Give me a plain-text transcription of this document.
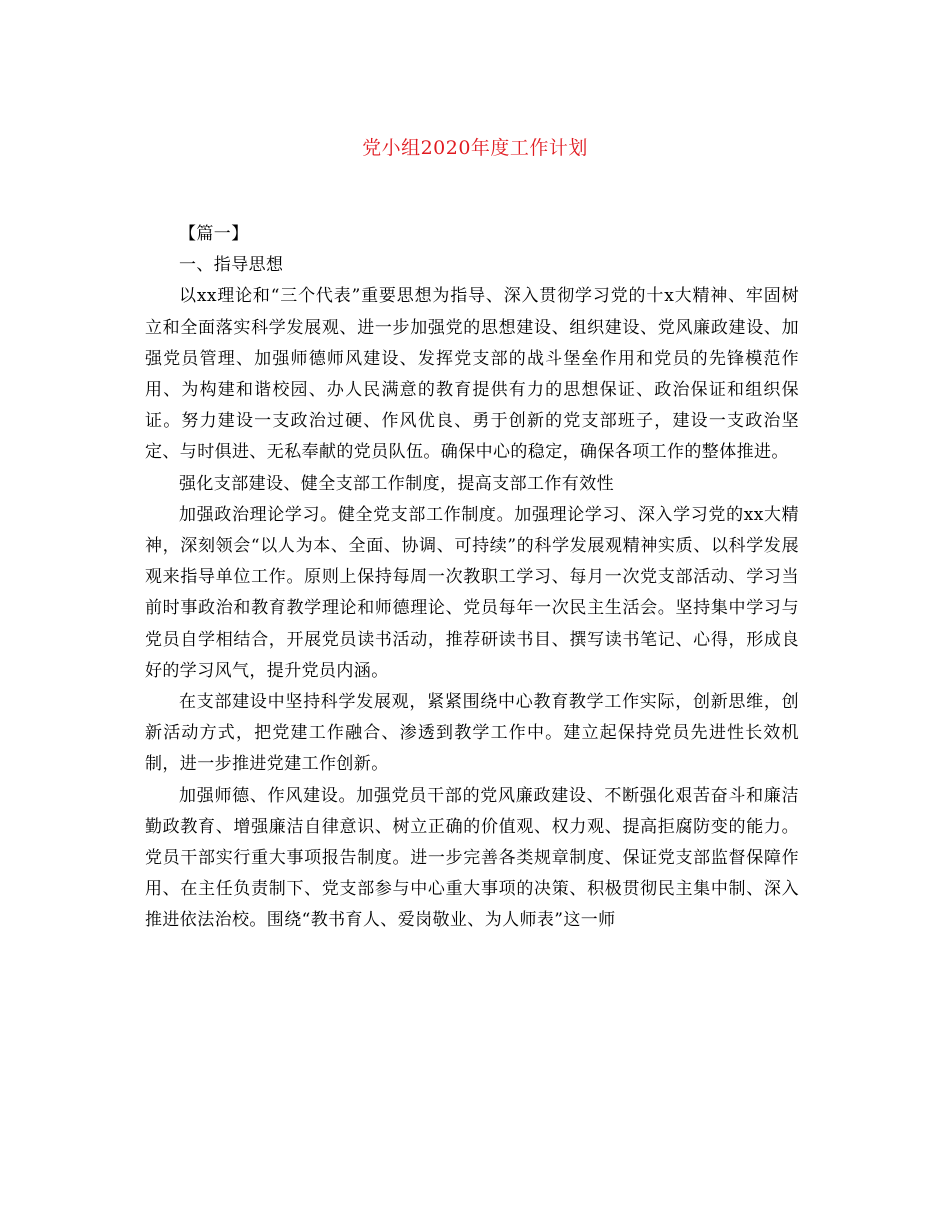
党小组2020年度工作计划

【篇一】

一、指导思想

以xx理论和“三个代表”重要思想为指导、深入贯彻学习党的十x大精神、牢固树立和全面落实科学发展观、进一步加强党的思想建设、组织建设、党风廉政建设、加强党员管理、加强师德师风建设、发挥党支部的战斗堡垒作用和党员的先锋模范作用、为构建和谐校园、办人民满意的教育提供有力的思想保证、政治保证和组织保证。努力建设一支政治过硬、作风优良、勇于创新的党支部班子，建设一支政治坚定、与时俱进、无私奉献的党员队伍。确保中心的稳定，确保各项工作的整体推进。

强化支部建设、健全支部工作制度，提高支部工作有效性

加强政治理论学习。健全党支部工作制度。加强理论学习、深入学习党的xx大精神，深刻领会“以人为本、全面、协调、可持续”的科学发展观精神实质、以科学发展观来指导单位工作。原则上保持每周一次教职工学习、每月一次党支部活动、学习当前时事政治和教育教学理论和师德理论、党员每年一次民主生活会。坚持集中学习与党员自学相结合，开展党员读书活动，推荐研读书目、撰写读书笔记、心得，形成良好的学习风气，提升党员内涵。

在支部建设中坚持科学发展观，紧紧围绕中心教育教学工作实际，创新思维，创新活动方式，把党建工作融合、渗透到教学工作中。建立起保持党员先进性长效机制，进一步推进党建工作创新。

加强师德、作风建设。加强党员干部的党风廉政建设、不断强化艰苦奋斗和廉洁勤政教育、增强廉洁自律意识、树立正确的价值观、权力观、提高拒腐防变的能力。党员干部实行重大事项报告制度。进一步完善各类规章制度、保证党支部监督保障作用、在主任负责制下、党支部参与中心重大事项的决策、积极贯彻民主集中制、深入推进依法治校。围绕“教书育人、爱岗敬业、为人师表”这一师
